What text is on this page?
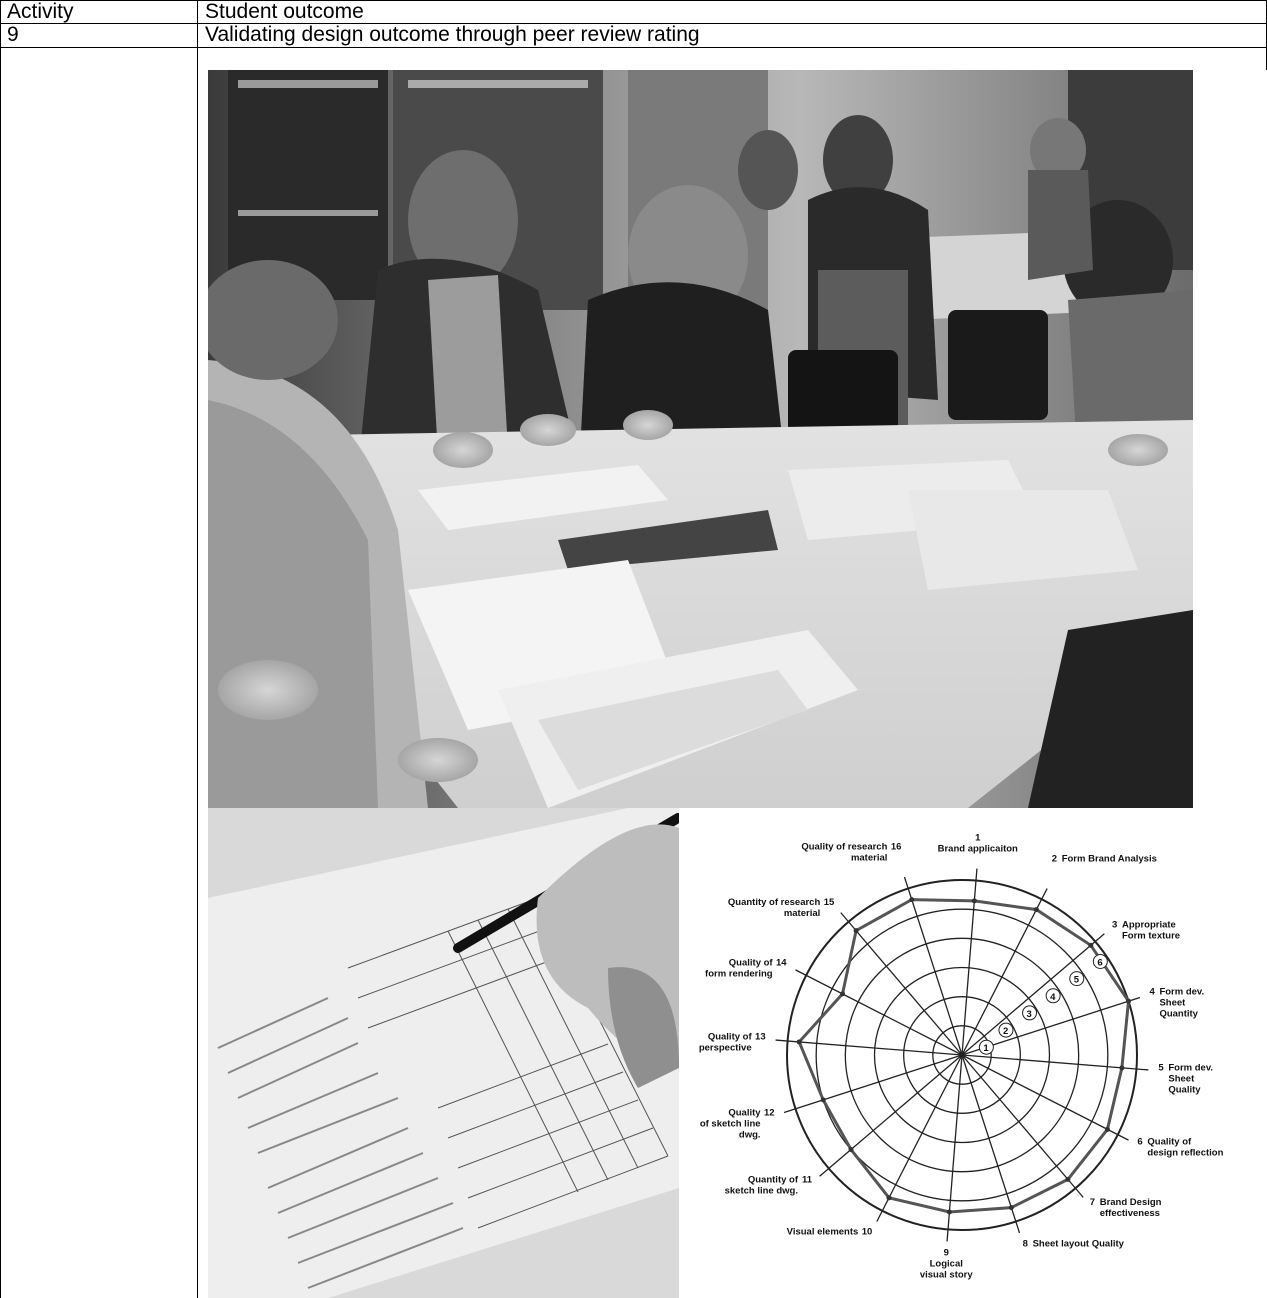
Activity	Student outcome
9	Validating design outcome through peer review rating
1
2
3
4
5
6
1
Brand applicaiton
2 Form Brand Analysis
3 Appropriate
Form texture
4 Form dev.
Sheet
Quantity
5 Form dev.
Sheet
Quality
6 Quality of
design reflection
7 Brand Design
effectiveness
8 Sheet layout Quality
9
Logical
visual story
10
Visual elements
11
Quantity of
sketch line dwg.
12
Quality
of sketch line
dwg.
13
Quality of
perspective
14
Quality of
form rendering
15
Quantity of research
material
16
Quality of research
material
